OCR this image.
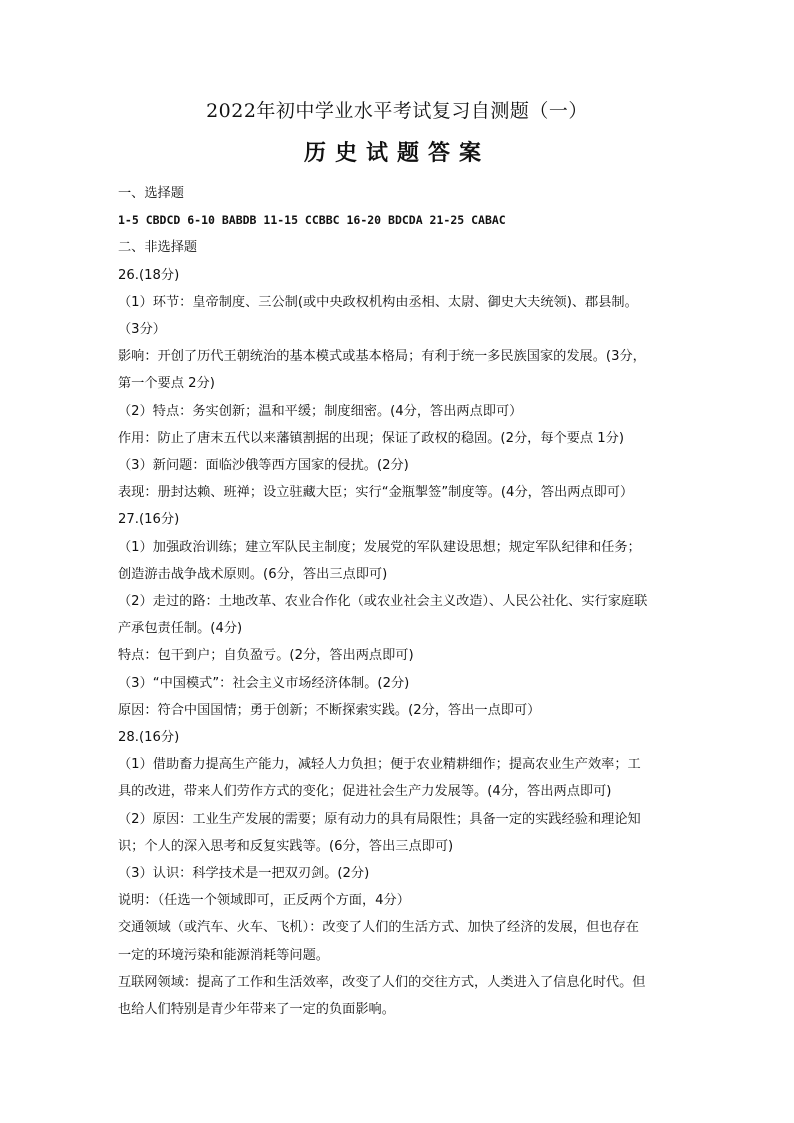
2022年初中学业水平考试复习自测题（一）
历史试题答案

一、选择题

1-5 CBDCD 6-10 BABDB 11-15 CCBBC 16-20 BDCDA 21-25 CABAC

二、非选择题

26.(18分)

（1）环节：皇帝制度、三公制(或中央政权机构由丞相、太尉、御史大夫统领)、郡县制。

（3分）

影响：开创了历代王朝统治的基本模式或基本格局；有利于统一多民族国家的发展。(3分，

第一个要点 2分)

（2）特点：务实创新；温和平缓；制度细密。(4分，答出两点即可）

作用：防止了唐末五代以来藩镇割据的出现；保证了政权的稳固。(2分，每个要点 1分)

（3）新问题：面临沙俄等西方国家的侵扰。(2分)

表现：册封达赖、班禅；设立驻藏大臣；实行“金瓶掣签”制度等。(4分，答出两点即可）

27.(16分)

（1）加强政治训练；建立军队民主制度；发展党的军队建设思想；规定军队纪律和任务；

创造游击战争战术原则。(6分，答出三点即可)

（2）走过的路：土地改革、农业合作化（或农业社会主义改造）、人民公社化、实行家庭联

产承包责任制。(4分)

特点：包干到户；自负盈亏。(2分，答出两点即可)

（3）“中国模式”：社会主义市场经济体制。(2分)

原因：符合中国国情；勇于创新；不断探索实践。(2分，答出一点即可）

28.(16分)

（1）借助畜力提高生产能力，减轻人力负担；便于农业精耕细作；提高农业生产效率；工

具的改进，带来人们劳作方式的变化；促进社会生产力发展等。(4分，答出两点即可)

（2）原因：工业生产发展的需要；原有动力的具有局限性；具备一定的实践经验和理论知

识；个人的深入思考和反复实践等。(6分，答出三点即可)

（3）认识：科学技术是一把双刃剑。(2分)

说明：（任选一个领域即可，正反两个方面，4分）

交通领域（或汽车、火车、飞机）：改变了人们的生活方式、加快了经济的发展，但也存在

一定的环境污染和能源消耗等问题。

互联网领域：提高了工作和生活效率，改变了人们的交往方式，人类进入了信息化时代。但

也给人们特别是青少年带来了一定的负面影响。
